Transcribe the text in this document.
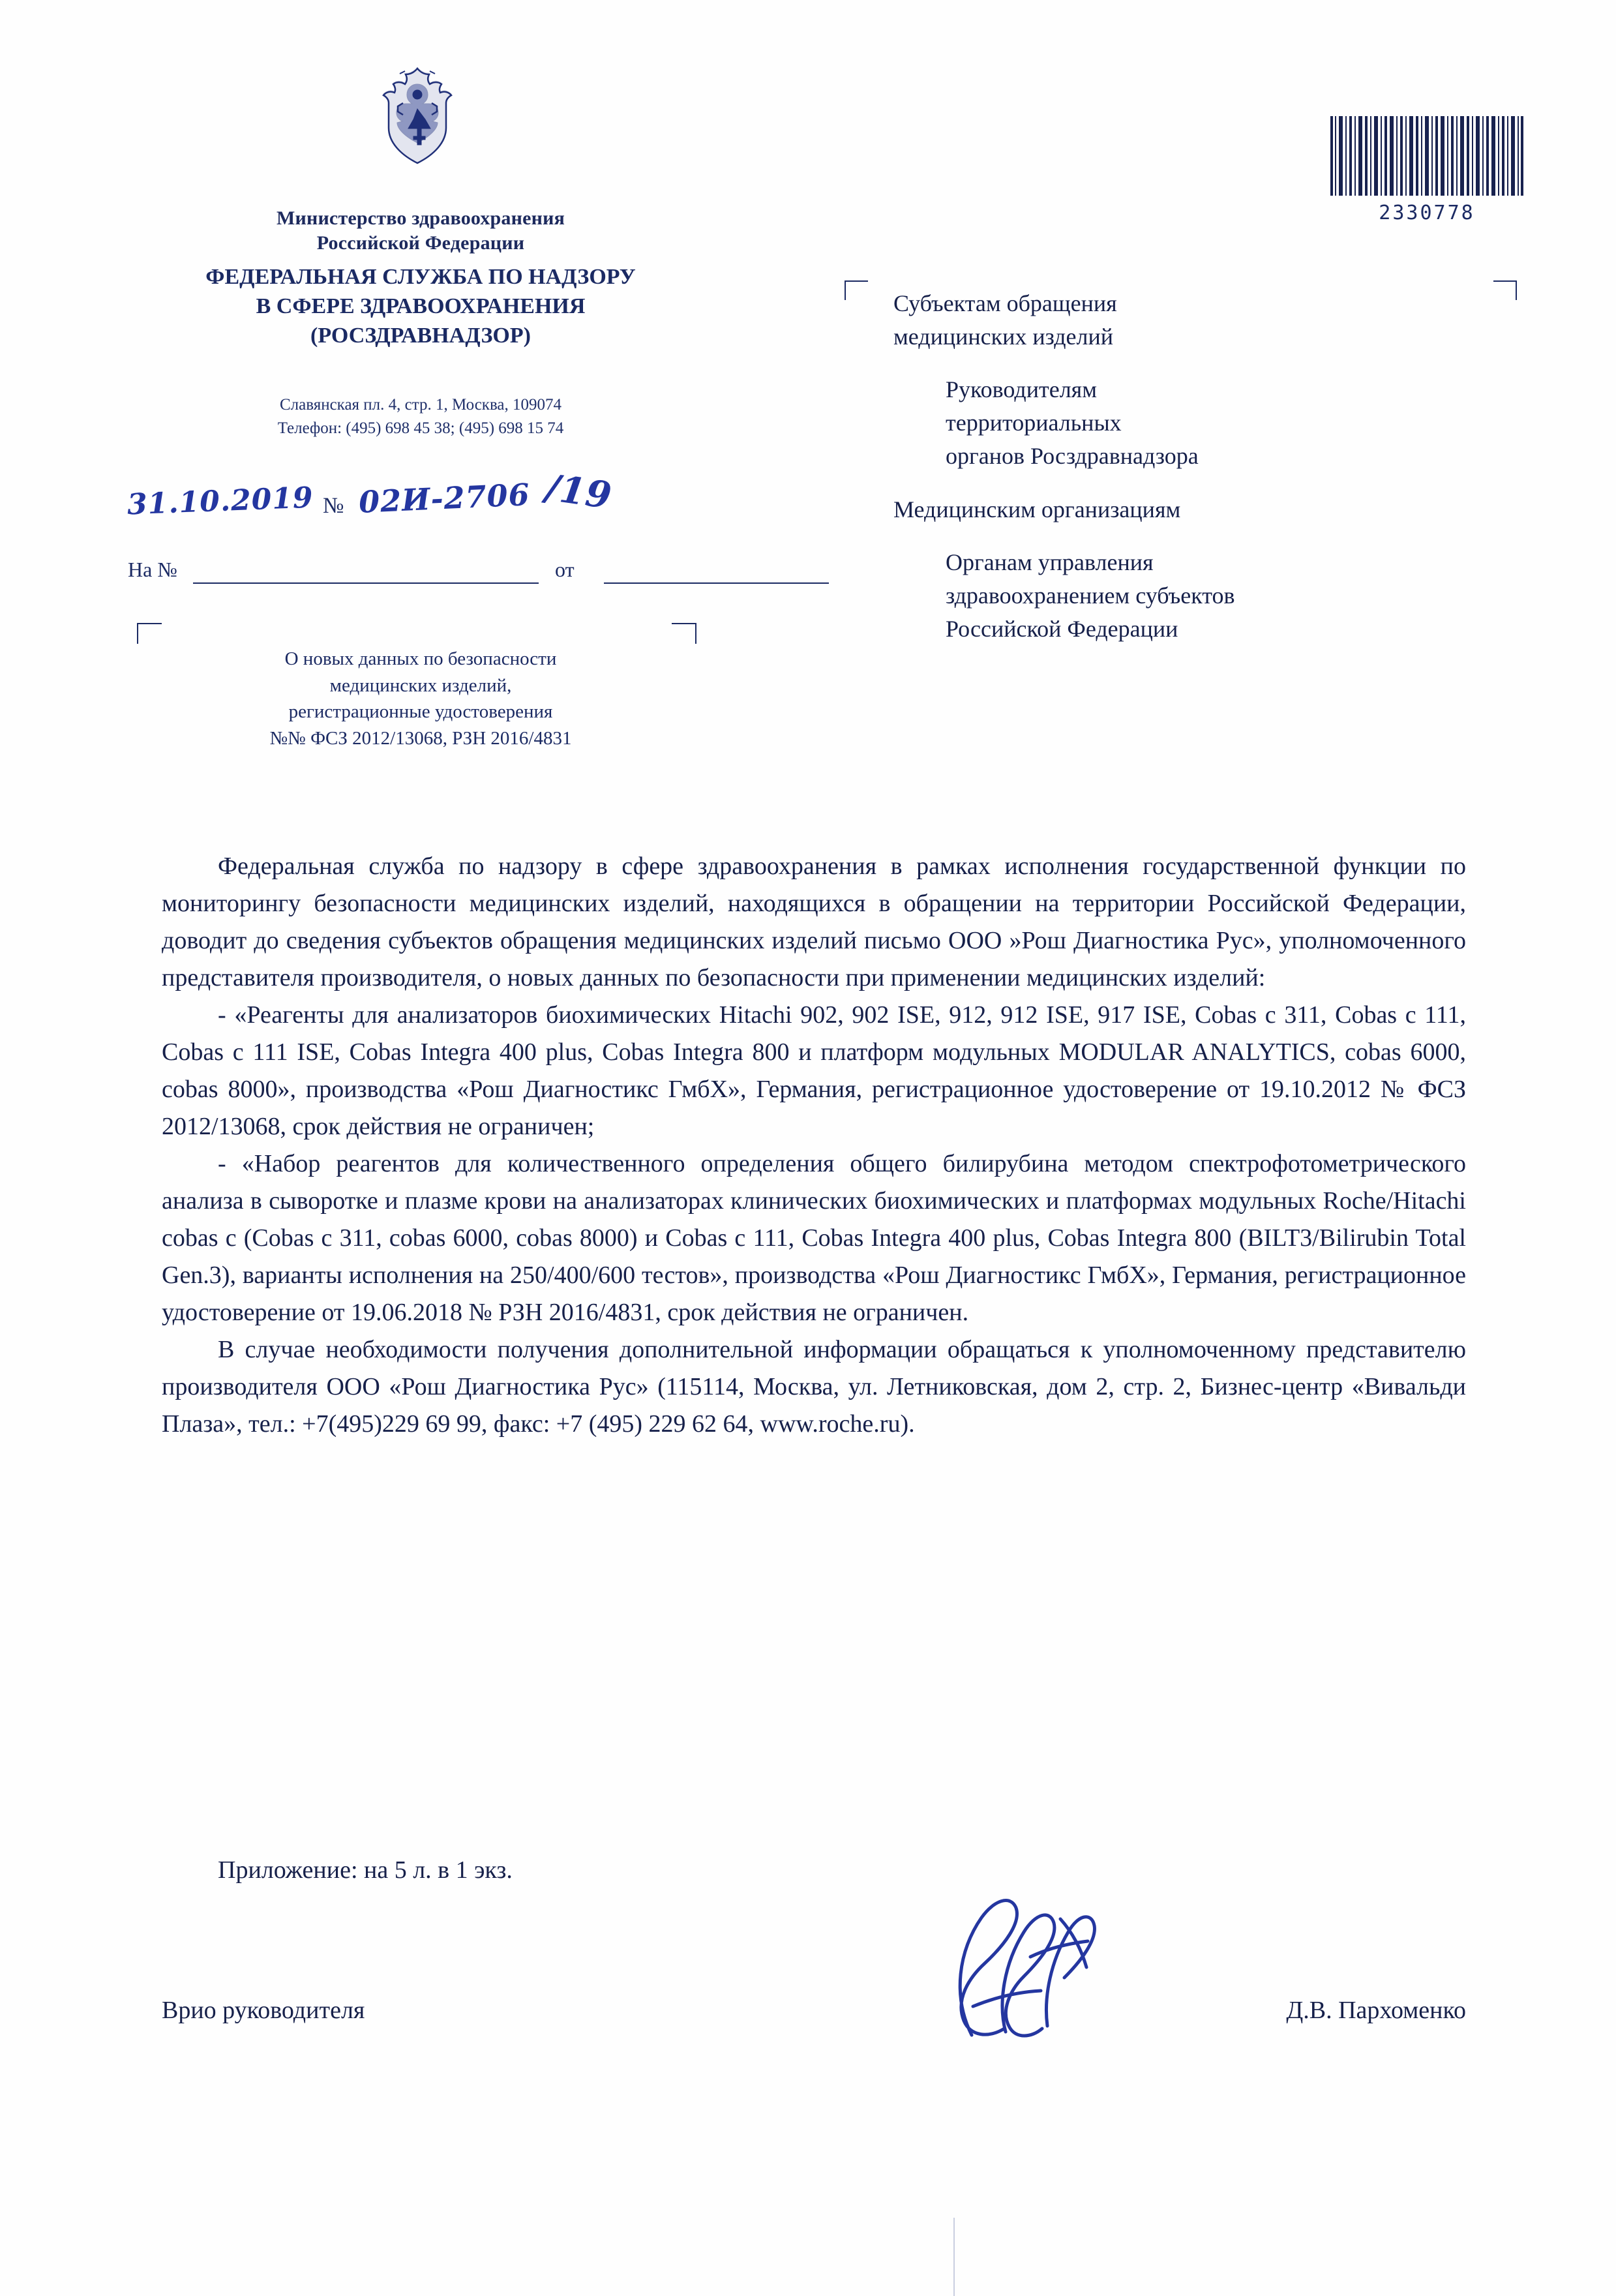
Министерство здравоохранения
Российской Федерации
ФЕДЕРАЛЬНАЯ СЛУЖБА ПО НАДЗОРУ
В СФЕРЕ ЗДРАВООХРАНЕНИЯ
(РОСЗДРАВНАДЗОР)
Славянская пл. 4, стр. 1, Москва, 109074
Телефон: (495) 698 45 38; (495) 698 15 74
31.10.2019 № 02И-2706 /19
На №	от
О новых данных по безопасности
медицинских изделий,
регистрационные удостоверения
№№ ФСЗ 2012/13068, РЗН 2016/4831
2330778

Субъектам обращения
медицинских изделий

Руководителям
территориальных
органов Росздравнадзора

Медицинским организациям

Органам управления
здравоохранением субъектов
Российской Федерации

Федеральная служба по надзору в сфере здравоохранения в рамках исполнения государственной функции по мониторингу безопасности медицинских изделий, находящихся в обращении на территории Российской Федерации, доводит до сведения субъектов обращения медицинских изделий письмо ООО »Рош Диагностика Рус», уполномоченного представителя производителя, о новых данных по безопасности при применении медицинских изделий:

- «Реагенты для анализаторов биохимических Hitachi 902, 902 ISE, 912, 912 ISE, 917 ISE, Cobas c 311, Cobas c 111, Cobas c 111 ISE, Cobas Integra 400 plus, Cobas Integra 800 и платформ модульных MODULAR ANALYTICS, cobas 6000, cobas 8000», производства «Рош Диагностикс ГмбХ», Германия, регистрационное удостоверение от 19.10.2012 № ФСЗ 2012/13068, срок действия не ограничен;

- «Набор реагентов для количественного определения общего билирубина методом спектрофотометрического анализа в сыворотке и плазме крови на анализаторах клинических биохимических и платформах модульных Roche/Hitachi cobas c (Cobas c 311, cobas 6000, cobas 8000) и Cobas c 111, Cobas Integra 400 plus, Cobas Integra 800 (BILT3/Bilirubin Total Gen.3), варианты исполнения на 250/400/600 тестов», производства «Рош Диагностикс ГмбХ», Германия, регистрационное удостоверение от 19.06.2018 № РЗН 2016/4831, срок действия не ограничен.

В случае необходимости получения дополнительной информации обращаться к уполномоченному представителю производителя ООО «Рош Диагностика Рус» (115114, Москва, ул. Летниковская, дом 2, стр. 2, Бизнес-центр «Вивальди Плаза», тел.: +7(495)229 69 99, факс: +7 (495) 229 62 64, www.roche.ru).

Приложение: на 5 л. в 1 экз.
Врио руководителя	Д.В. Пархоменко
